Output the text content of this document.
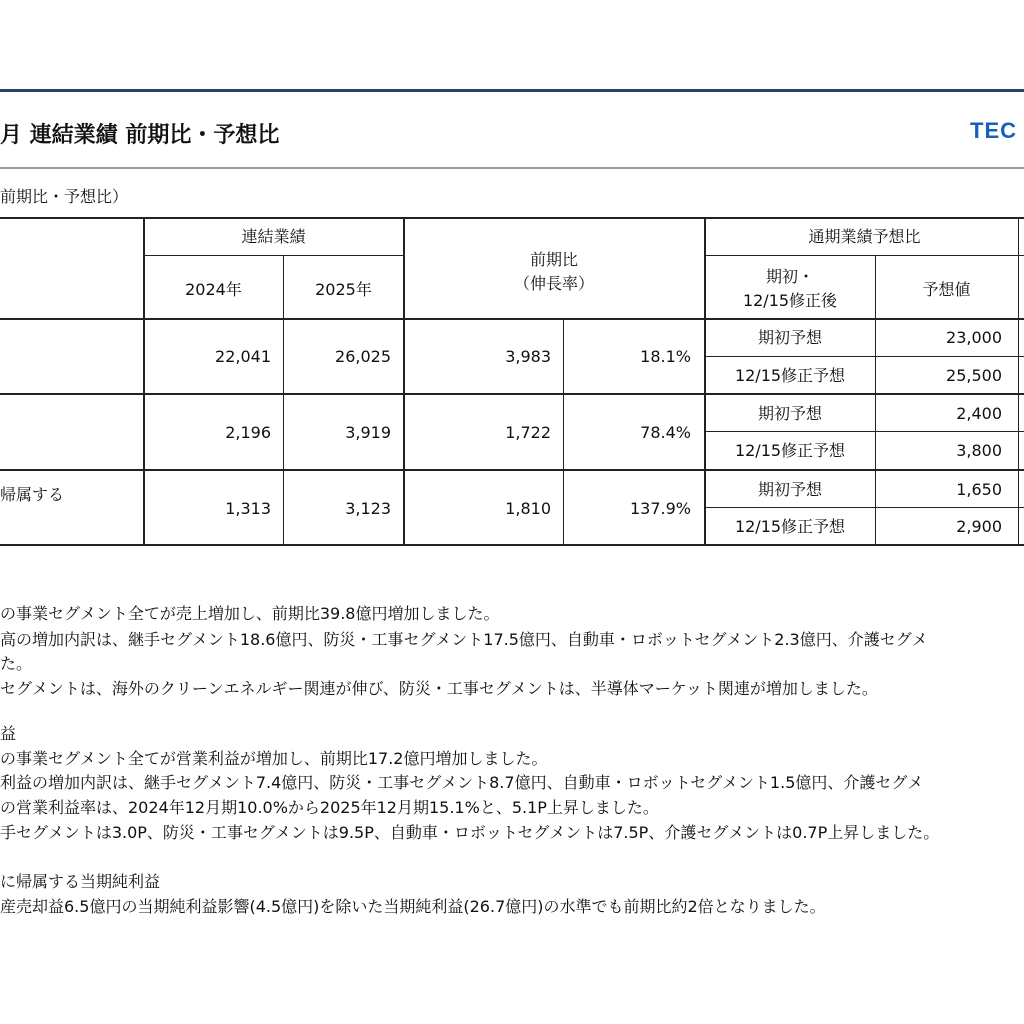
月 連結業績 前期比・予想比	TEC
前期比・予想比）
連結業績
2024年	2025年
前期比
（伸長率）
通期業績予想比
期初・
12/15修正後
予想値
22,041	26,025	3,983	18.1%
期初予想	23,000
12/15修正予想	25,500
2,196	3,919	1,722	78.4%
期初予想	2,400
12/15修正予想	3,800
帰属する
1,313	3,123	1,810	137.9%
期初予想	1,650
12/15修正予想	2,900
の事業セグメント全てが売上増加し、前期比39.8億円増加しました。
高の増加内訳は、継手セグメント18.6億円、防災・工事セグメント17.5億円、自動車・ロボットセグメント2.3億円、介護セグメ
た。
セグメントは、海外のクリーンエネルギー関連が伸び、防災・工事セグメントは、半導体マーケット関連が増加しました。
益
の事業セグメント全てが営業利益が増加し、前期比17.2億円増加しました。
利益の増加内訳は、継手セグメント7.4億円、防災・工事セグメント8.7億円、自動車・ロボットセグメント1.5億円、介護セグメ
の営業利益率は、2024年12月期10.0%から2025年12月期15.1%と、5.1P上昇しました。
手セグメントは3.0P、防災・工事セグメントは9.5P、自動車・ロボットセグメントは7.5P、介護セグメントは0.7P上昇しました。
に帰属する当期純利益
産売却益6.5億円の当期純利益影響(4.5億円)を除いた当期純利益(26.7億円)の水準でも前期比約2倍となりました。
